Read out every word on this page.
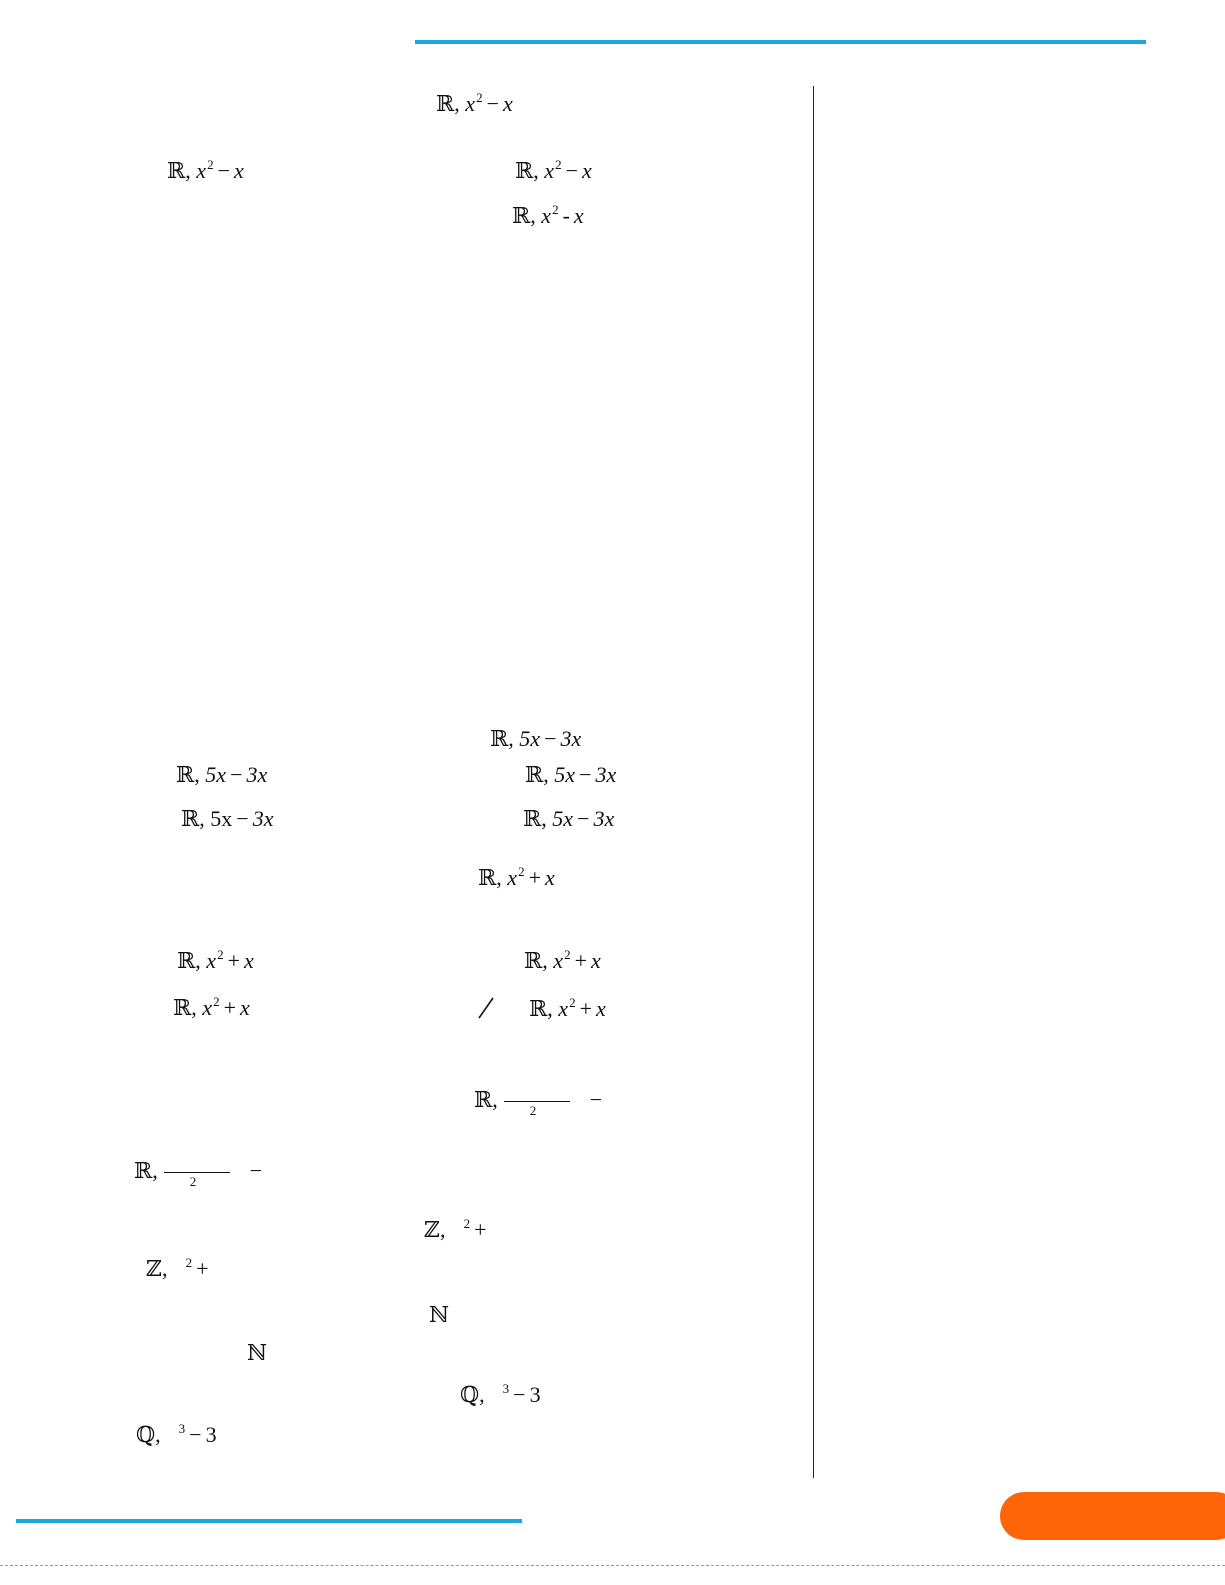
ℝ, $x^2 - x$
ℝ, $x^2 - x$	ℝ, $x^2 - x$
ℝ, $x^2$ - x
ℝ, 5x − 3x
ℝ, 5x − 3x	ℝ, 5x − 3x
ℝ, 5x − 3x	ℝ, 5x − 3x
ℝ, $x^2 + x$
ℝ, $x^2 + x$	ℝ, $x^2 + x$
ℝ, $x^2 + x$	ℝ, $x^2 + x$
ℝ, 2 −
ℝ, 2 −
ℤ, $^2$ +
ℤ, $^2$ +
ℕ
ℕ
ℚ, $^3$ − 3
ℚ, $^3$ − 3
